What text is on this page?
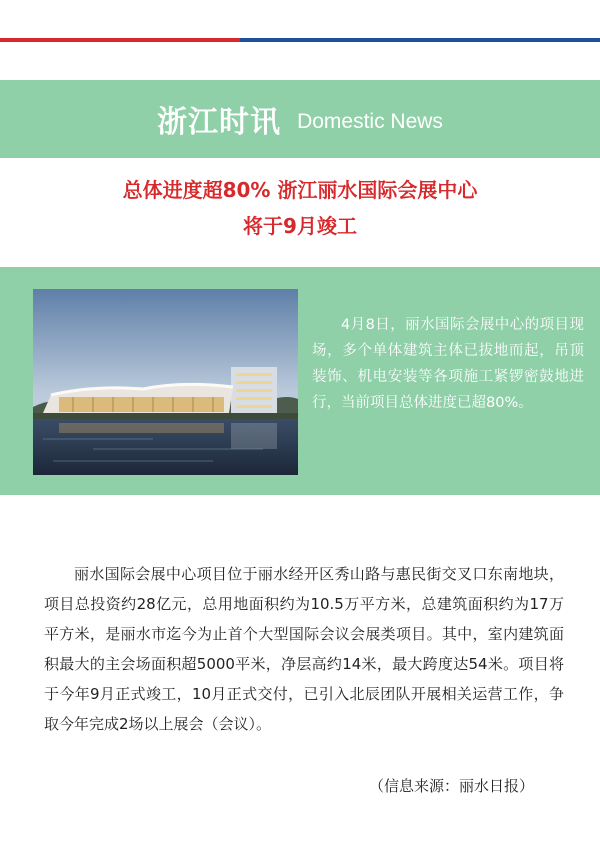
浙江时讯 Domestic News
总体进度超80% 浙江丽水国际会展中心
将于9月竣工

4月8日，丽水国际会展中心的项目现场，多个单体建筑主体已拔地而起，吊顶装饰、机电安装等各项施工紧锣密鼓地进行，当前项目总体进度已超80%。

丽水国际会展中心项目位于丽水经开区秀山路与惠民街交叉口东南地块，项目总投资约28亿元，总用地面积约为10.5万平方米，总建筑面积约为17万平方米，是丽水市迄今为止首个大型国际会议会展类项目。其中，室内建筑面积最大的主会场面积超5000平米，净层高约14米，最大跨度达54米。项目将于今年9月正式竣工，10月正式交付，已引入北辰团队开展相关运营工作，争取今年完成2场以上展会（会议）。

（信息来源：丽水日报）
